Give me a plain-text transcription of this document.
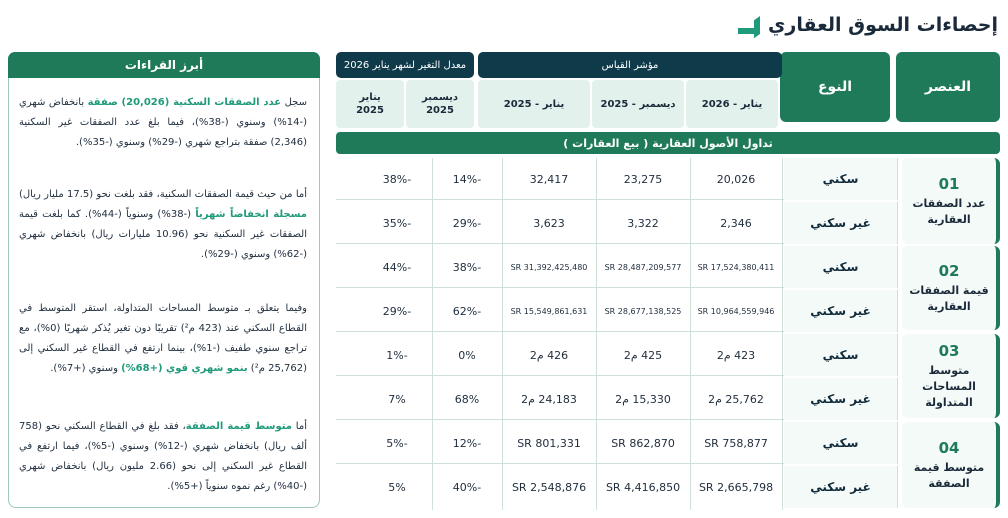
إحصاءات السوق العقاري
العنصر
النوع
مؤشر القياس
معدل التغير لشهر يناير 2026
يناير - 2026
ديسمبر - 2025
يناير - 2025
ديسمبر
2025
يناير
2025
تداول الأصول العقارية ( بيع العقارات )
01
عدد الصفقات
العقارية
سكني
20,026
23,275
32,417
-14%
-38%
غير سكني
2,346
3,322
3,623
-29%
-35%
02
قيمة الصفقات
العقارية
سكني
17,524,380,411 SR
28,487,209,577 SR
31,392,425,480 SR
-38%
-44%
غير سكني
10,964,559,946 SR
28,677,138,525 SR
15,549,861,631 SR
-62%
-29%
03
متوسط
المساحات
المتداولة
سكني
423 م2
425 م2
426 م2
0%
-1%
غير سكني
25,762 م2
15,330 م2
24,183 م2
68%
7%
04
متوسط قيمة
الصفقة
سكني
758,877 SR
862,870 SR
801,331 SR
-12%
-5%
غير سكني
2,665,798 SR
4,416,850 SR
2,548,876 SR
-40%
5%
أبرز القراءات

سجل عدد الصفقات السكنية (20,026) صفقة بانخفاض شهري (-14%) وسنوي (-38%)، فيما بلغ عدد الصفقات غير السكنية (2,346) صفقة بتراجع شهري (-29%) وسنوي (-35%).

أما من حيث قيمة الصفقات السكنية، فقد بلغت نحو (17.5 مليار ريال) مسجلة انخفاضاً شهرياً (-38%) وسنوياً (-44%). كما بلغت قيمة الصفقات غير السكنية نحو (10.96 مليارات ريال) بانخفاض شهري (-62%) وسنوي (-29%).

وفيما يتعلق بـ متوسط المساحات المتداولة، استقر المتوسط في القطاع السكني عند (423 م²) تقريبًا دون تغير يُذكر شهريًا (0%)، مع تراجع سنوي طفيف (-1%)، بينما ارتفع في القطاع غير السكني إلى (25,762 م²) بنمو شهري قوي (+68%) وسنوي (+7%).

أما متوسط قيمة الصفقة، فقد بلغ في القطاع السكني نحو (758 ألف ريال) بانخفاض شهري (-12%) وسنوي (-5%)، فيما ارتفع في القطاع غير السكني إلى نحو (2.66 مليون ريال) بانخفاض شهري (-40%) رغم نموه سنوياً (+5%).
